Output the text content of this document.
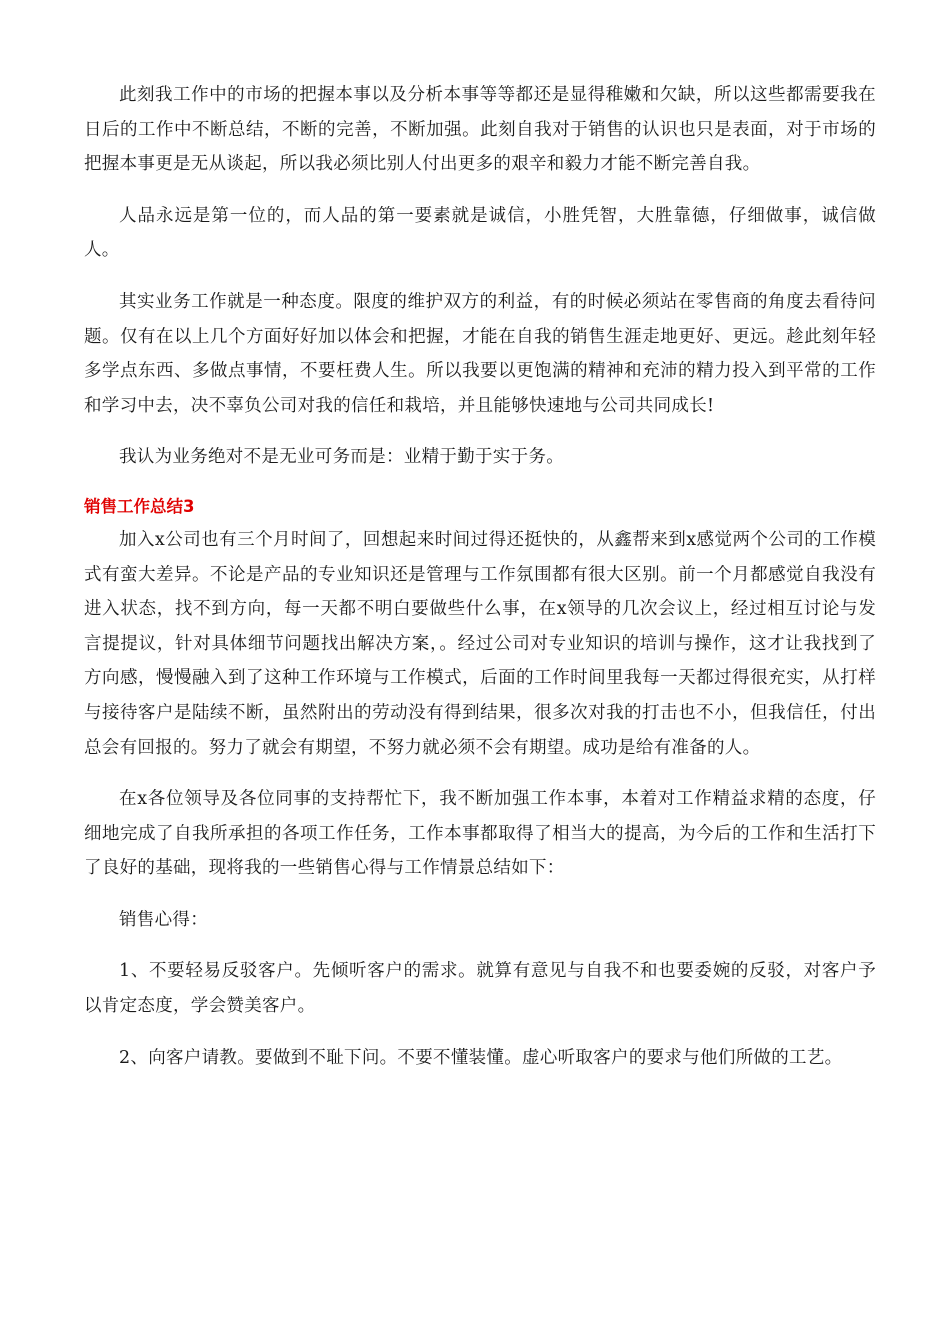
此刻我工作中的市场的把握本事以及分析本事等等都还是显得稚嫩和欠缺，所以这些都需要我在日后的工作中不断总结，不断的完善，不断加强。此刻自我对于销售的认识也只是表面，对于市场的把握本事更是无从谈起，所以我必须比别人付出更多的艰辛和毅力才能不断完善自我。

人品永远是第一位的，而人品的第一要素就是诚信，小胜凭智，大胜靠德，仔细做事，诚信做人。

其实业务工作就是一种态度。限度的维护双方的利益，有的时候必须站在零售商的角度去看待问题。仅有在以上几个方面好好加以体会和把握，才能在自我的销售生涯走地更好、更远。趁此刻年轻多学点东西、多做点事情，不要枉费人生。所以我要以更饱满的精神和充沛的精力投入到平常的工作和学习中去，决不辜负公司对我的信任和栽培，并且能够快速地与公司共同成长!

我认为业务绝对不是无业可务而是：业精于勤于实于务。

销售工作总结3

加入x公司也有三个月时间了，回想起来时间过得还挺快的，从鑫帮来到x感觉两个公司的工作模式有蛮大差异。不论是产品的专业知识还是管理与工作氛围都有很大区别。前一个月都感觉自我没有进入状态，找不到方向，每一天都不明白要做些什么事，在x领导的几次会议上，经过相互讨论与发言提提议，针对具体细节问题找出解决方案，。经过公司对专业知识的培训与操作，这才让我找到了方向感，慢慢融入到了这种工作环境与工作模式，后面的工作时间里我每一天都过得很充实，从打样与接待客户是陆续不断，虽然附出的劳动没有得到结果，很多次对我的打击也不小，但我信任，付出总会有回报的。努力了就会有期望，不努力就必须不会有期望。成功是给有准备的人。

在x各位领导及各位同事的支持帮忙下，我不断加强工作本事，本着对工作精益求精的态度，仔细地完成了自我所承担的各项工作任务，工作本事都取得了相当大的提高，为今后的工作和生活打下了良好的基础，现将我的一些销售心得与工作情景总结如下：

销售心得：

1、不要轻易反驳客户。先倾听客户的需求。就算有意见与自我不和也要委婉的反驳，对客户予以肯定态度，学会赞美客户。

2、向客户请教。要做到不耻下问。不要不懂装懂。虚心听取客户的要求与他们所做的工艺。
